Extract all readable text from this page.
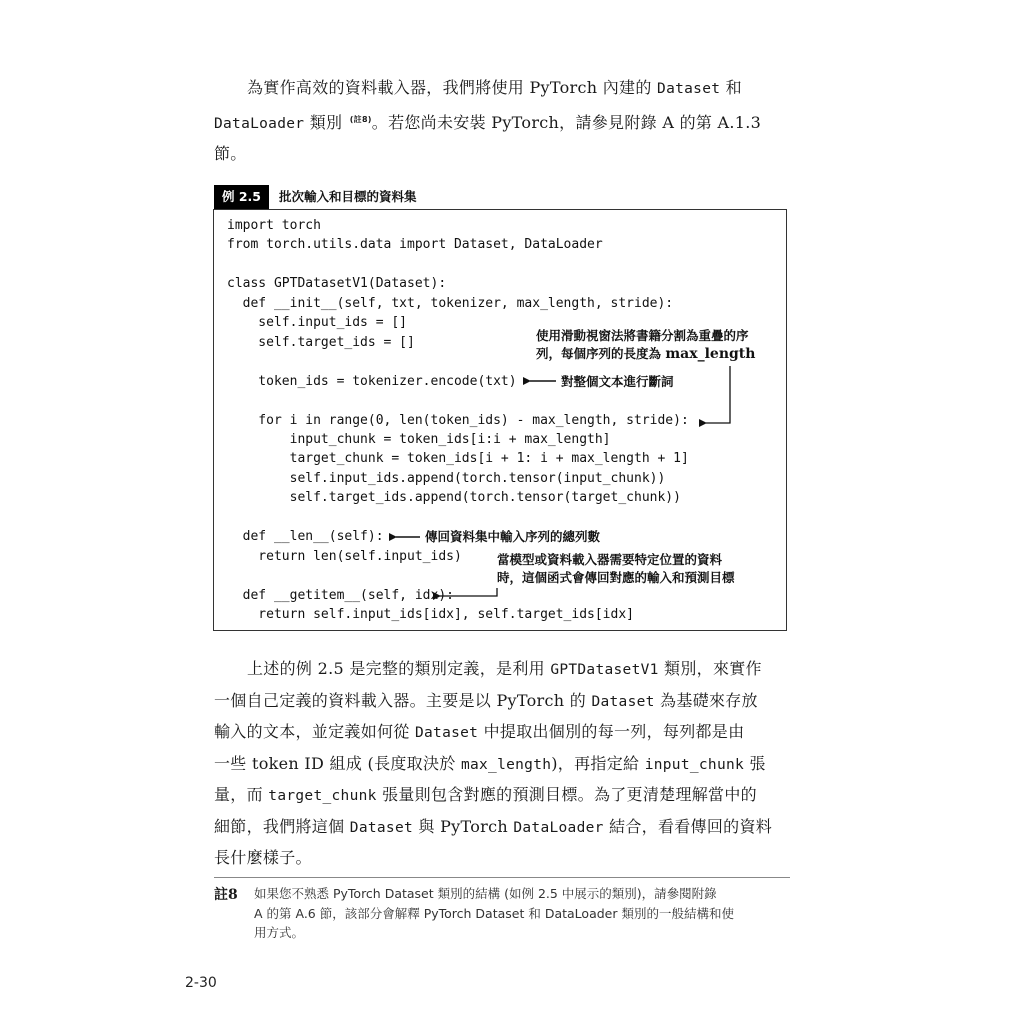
為實作高效的資料載入器，我們將使用 PyTorch 內建的 Dataset 和
DataLoader 類別 $^{(註8)}$。若您尚未安裝 PyTorch，請參見附錄 A 的第 A.1.3
節。
例 2.5	批次輸入和目標的資料集
import torch
from torch.utils.data import Dataset, DataLoader
class GPTDatasetV1(Dataset):
def __init__(self, txt, tokenizer, max_length, stride):
self.input_ids = []
self.target_ids = []
token_ids = tokenizer.encode(txt)
for i in range(0, len(token_ids) - max_length, stride):
input_chunk = token_ids[i:i + max_length]
target_chunk = token_ids[i + 1: i + max_length + 1]
self.input_ids.append(torch.tensor(input_chunk))
self.target_ids.append(torch.tensor(target_chunk))
def __len__(self):
return len(self.input_ids)
def __getitem__(self, idx):
return self.input_ids[idx], self.target_ids[idx]
使用滑動視窗法將書籍分割為重疊的序
列，每個序列的長度為 max_length
對整個文本進行斷詞
傳回資料集中輸入序列的總列數
當模型或資料載入器需要特定位置的資料
時，這個函式會傳回對應的輸入和預測目標
上述的例 2.5 是完整的類別定義，是利用 GPTDatasetV1 類別，來實作
一個自己定義的資料載入器。主要是以 PyTorch 的 Dataset 為基礎來存放
輸入的文本，並定義如何從 Dataset 中提取出個別的每一列，每列都是由
一些 token ID 組成 (長度取決於 max_length)，再指定給 input_chunk 張
量，而 target_chunk 張量則包含對應的預測目標。為了更清楚理解當中的
細節，我們將這個 Dataset 與 PyTorch DataLoader 結合，看看傳回的資料
長什麼樣子。
註8 如果您不熟悉 PyTorch Dataset 類別的結構 (如例 2.5 中展示的類別)，請參閱附錄
A 的第 A.6 節，該部分會解釋 PyTorch Dataset 和 DataLoader 類別的一般結構和使
用方式。
2-30
